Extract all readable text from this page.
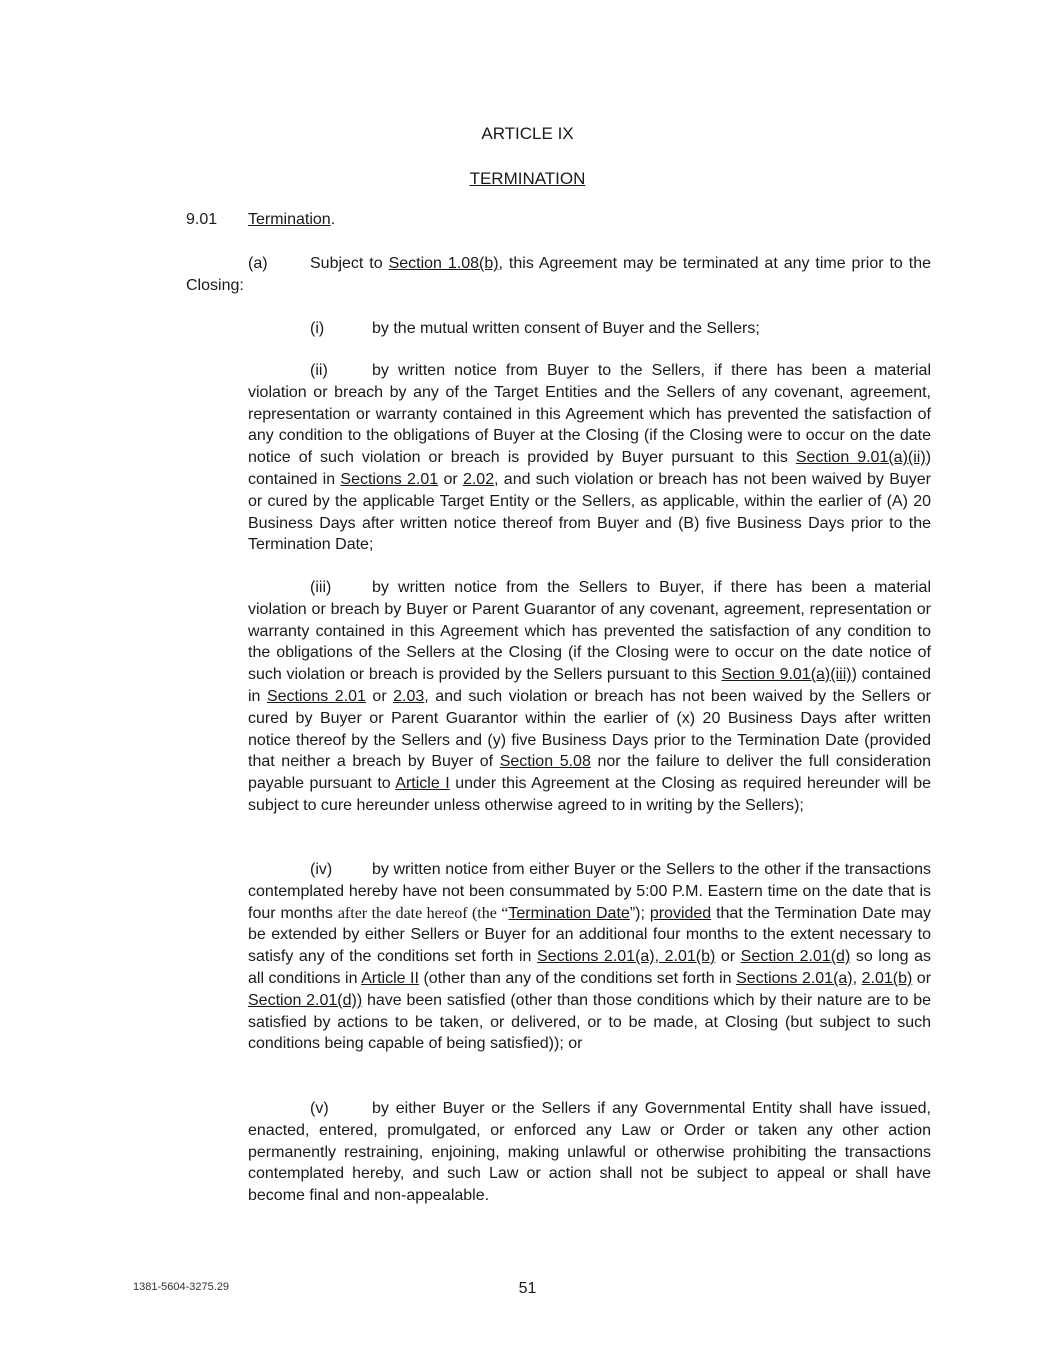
ARTICLE IX
TERMINATION
9.01 Termination.

(a)	Subject to Section 1.08(b), this Agreement may be terminated at any time prior to the Closing:

(i)	by the mutual written consent of Buyer and the Sellers;

(ii)	by written notice from Buyer to the Sellers, if there has been a material violation or breach by any of the Target Entities and the Sellers of any covenant, agreement, representation or warranty contained in this Agreement which has prevented the satisfaction of any condition to the obligations of Buyer at the Closing (if the Closing were to occur on the date notice of such violation or breach is provided by Buyer pursuant to this Section 9.01(a)(ii)) contained in Sections 2.01 or 2.02, and such violation or breach has not been waived by Buyer or cured by the applicable Target Entity or the Sellers, as applicable, within the earlier of (A) 20 Business Days after written notice thereof from Buyer and (B) five Business Days prior to the Termination Date;

(iii)	by written notice from the Sellers to Buyer, if there has been a material violation or breach by Buyer or Parent Guarantor of any covenant, agreement, representation or warranty contained in this Agreement which has prevented the satisfaction of any condition to the obligations of the Sellers at the Closing (if the Closing were to occur on the date notice of such violation or breach is provided by the Sellers pursuant to this Section 9.01(a)(iii)) contained in Sections 2.01 or 2.03, and such violation or breach has not been waived by the Sellers or cured by Buyer or Parent Guarantor within the earlier of (x) 20 Business Days after written notice thereof by the Sellers and (y) five Business Days prior to the Termination Date (provided that neither a breach by Buyer of Section 5.08 nor the failure to deliver the full consideration payable pursuant to Article I under this Agreement at the Closing as required hereunder will be subject to cure hereunder unless otherwise agreed to in writing by the Sellers);

(iv) by written notice from either Buyer or the Sellers to the other if the transactions contemplated hereby have not been consummated by 5:00 P.M. Eastern time on the date that is four months after the date hereof (the “Termination Date”); provided that the Termination Date may be extended by either Sellers or Buyer for an additional four months to the extent necessary to satisfy any of the conditions set forth in Sections 2.01(a), 2.01(b) or Section 2.01(d) so long as all conditions in Article II (other than any of the conditions set forth in Sections 2.01(a), 2.01(b) or Section 2.01(d)) have been satisfied (other than those conditions which by their nature are to be satisfied by actions to be taken, or delivered, or to be made, at Closing (but subject to such conditions being capable of being satisfied)); or

(v)	by either Buyer or the Sellers if any Governmental Entity shall have issued, enacted, entered, promulgated, or enforced any Law or Order or taken any other action permanently restraining, enjoining, making unlawful or otherwise prohibiting the transactions contemplated hereby, and such Law or action shall not be subject to appeal or shall have become final and non-appealable.

1381-5604-3275.29	51
